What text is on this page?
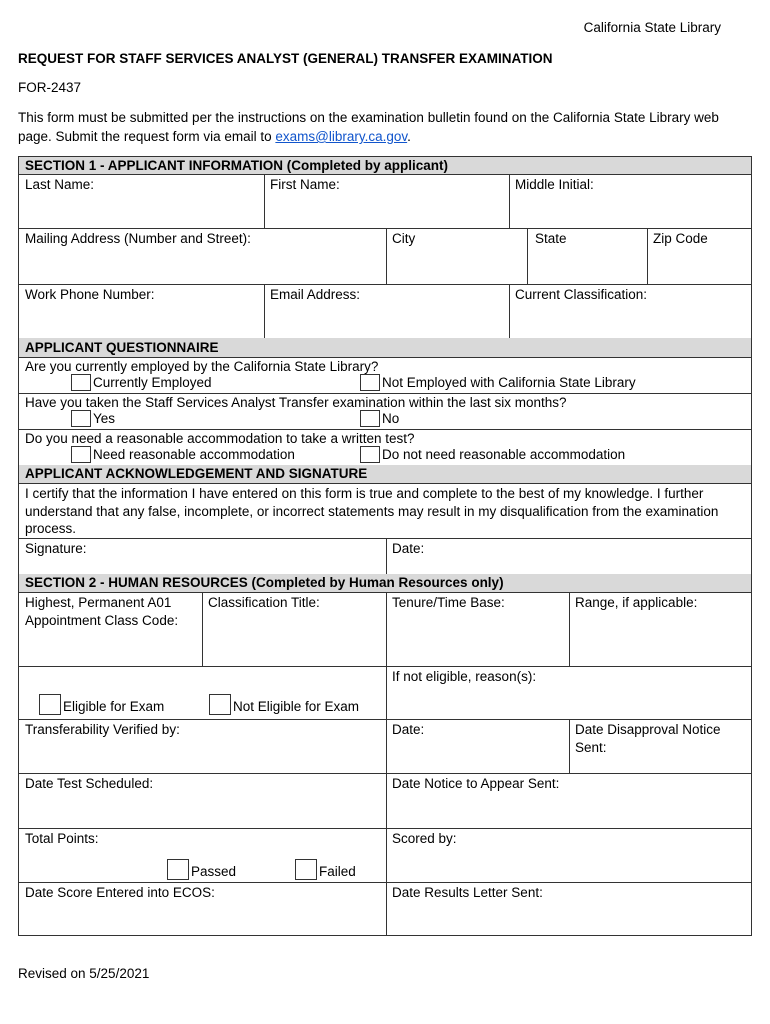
California State Library
REQUEST FOR STAFF SERVICES ANALYST (GENERAL) TRANSFER EXAMINATION
FOR-2437
This form must be submitted per the instructions on the examination bulletin found on the California State Library web page. Submit the request form via email to exams@library.ca.gov.
SECTION 1 - APPLICANT INFORMATION (Completed by applicant)
Last Name:	First Name:	Middle Initial:
Mailing Address (Number and Street):	City	State	Zip Code
Work Phone Number:	Email Address:	Current Classification:
APPLICANT QUESTIONNAIRE
Are you currently employed by the California State Library?
Currently Employed	Not Employed with California State Library
Have you taken the Staff Services Analyst Transfer examination within the last six months?
Yes	No
Do you need a reasonable accommodation to take a written test?
Need reasonable accommodation	Do not need reasonable accommodation
APPLICANT ACKNOWLEDGEMENT AND SIGNATURE
I certify that the information I have entered on this form is true and complete to the best of my knowledge. I further understand that any false, incomplete, or incorrect statements may result in my disqualification from the examination process.
Signature:	Date:
SECTION 2 - HUMAN RESOURCES (Completed by Human Resources only)
Highest, Permanent A01 Appointment Class Code:
Classification Title:	Tenure/Time Base:	Range, if applicable:
Eligible for Exam	Not Eligible for Exam
If not eligible, reason(s):
Transferability Verified by:	Date:	Date Disapproval Notice Sent:
Date Test Scheduled:	Date Notice to Appear Sent:
Total Points:
Passed	Failed
Scored by:
Date Score Entered into ECOS:	Date Results Letter Sent:
Revised on 5/25/2021
